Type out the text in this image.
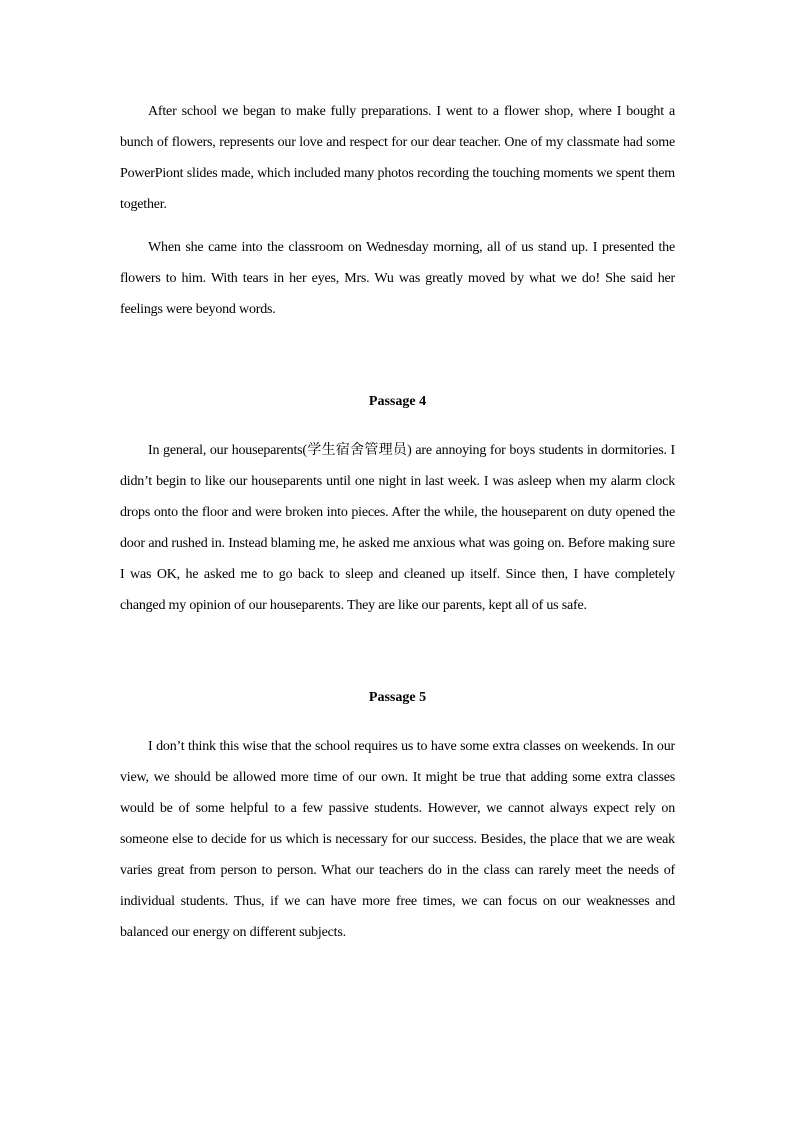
After school we began to make fully preparations. I went to a flower shop, where I bought a bunch of flowers, represents our love and respect for our dear teacher. One of my classmate had some PowerPiont slides made, which included many photos recording the touching moments we spent them together.

When she came into the classroom on Wednesday morning, all of us stand up. I presented the flowers to him. With tears in her eyes, Mrs. Wu was greatly moved by what we do! She said her feelings were beyond words.

Passage 4

In general, our houseparents(学生宿舍管理员) are annoying for boys students in dormitories. I didn’t begin to like our houseparents until one night in last week. I was asleep when my alarm clock drops onto the floor and were broken into pieces. After the while, the houseparent on duty opened the door and rushed in. Instead blaming me, he asked me anxious what was going on. Before making sure I was OK, he asked me to go back to sleep and cleaned up itself. Since then, I have completely changed my opinion of our houseparents. They are like our parents, kept all of us safe.

Passage 5

I don’t think this wise that the school requires us to have some extra classes on weekends. In our view, we should be allowed more time of our own. It might be true that adding some extra classes would be of some helpful to a few passive students. However, we cannot always expect rely on someone else to decide for us which is necessary for our success. Besides, the place that we are weak varies great from person to person. What our teachers do in the class can rarely meet the needs of individual students. Thus, if we can have more free times, we can focus on our weaknesses and balanced our energy on different subjects.
